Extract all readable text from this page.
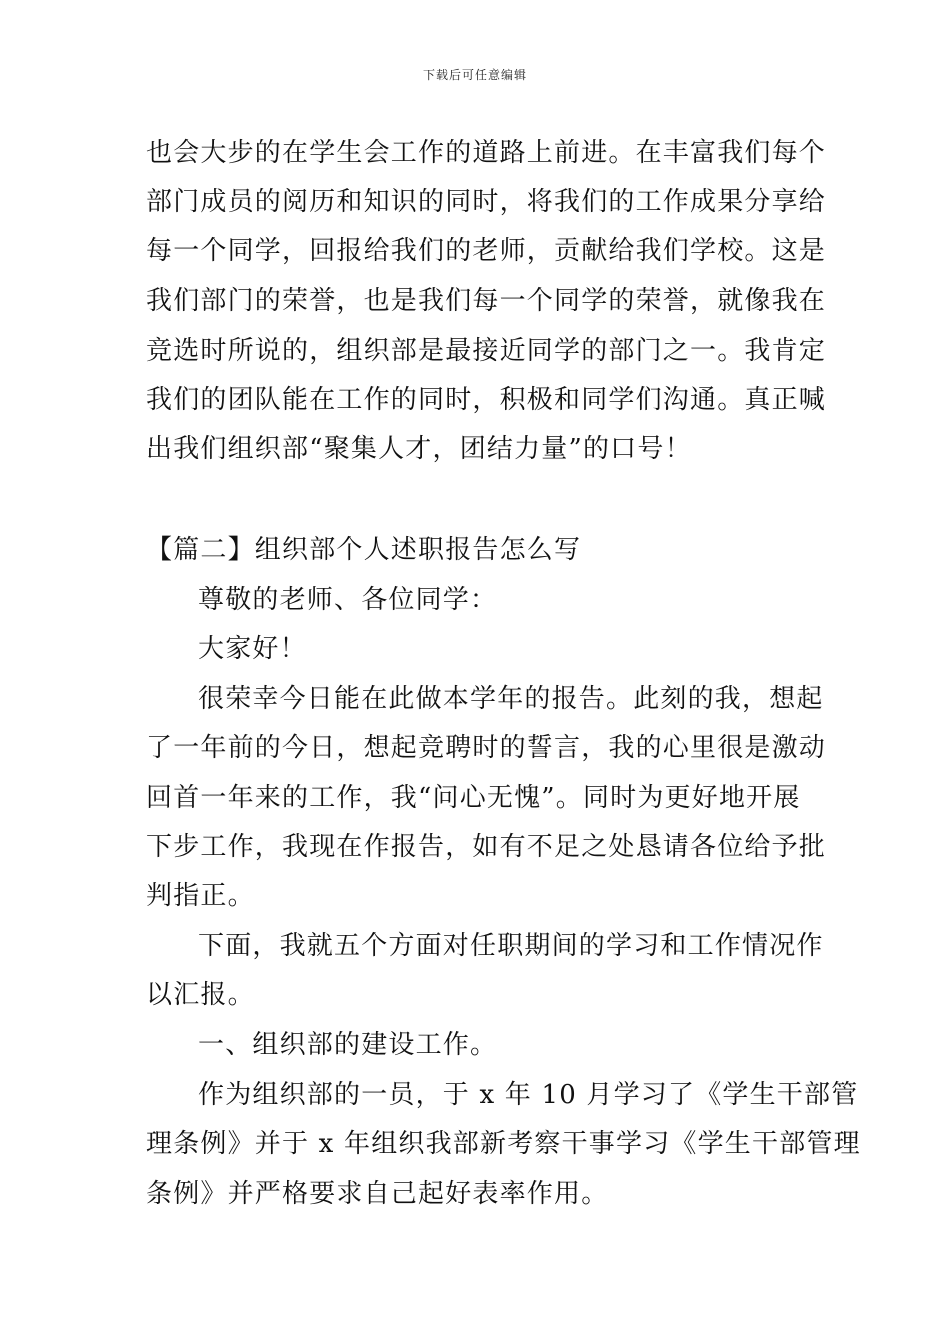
下载后可任意编辑
也会大步的在学生会工作的道路上前进。在丰富我们每个
部门成员的阅历和知识的同时，将我们的工作成果分享给
每一个同学，回报给我们的老师，贡献给我们学校。这是
我们部门的荣誉，也是我们每一个同学的荣誉，就像我在
竞选时所说的，组织部是最接近同学的部门之一。我肯定
我们的团队能在工作的同时，积极和同学们沟通。真正喊
出我们组织部“聚集人才，团结力量”的口号！
【篇二】组织部个人述职报告怎么写
尊敬的老师、各位同学：
大家好！
很荣幸今日能在此做本学年的报告。此刻的我，想起
了一年前的今日，想起竞聘时的誓言，我的心里很是激动
回首一年来的工作，我“问心无愧”。同时为更好地开展
下步工作，我现在作报告，如有不足之处恳请各位给予批
判指正。
下面，我就五个方面对任职期间的学习和工作情况作
以汇报。
一、组织部的建设工作。
作为组织部的一员，于 x 年 10 月学习了《学生干部管
理条例》并于 x 年组织我部新考察干事学习《学生干部管理
条例》并严格要求自己起好表率作用。
